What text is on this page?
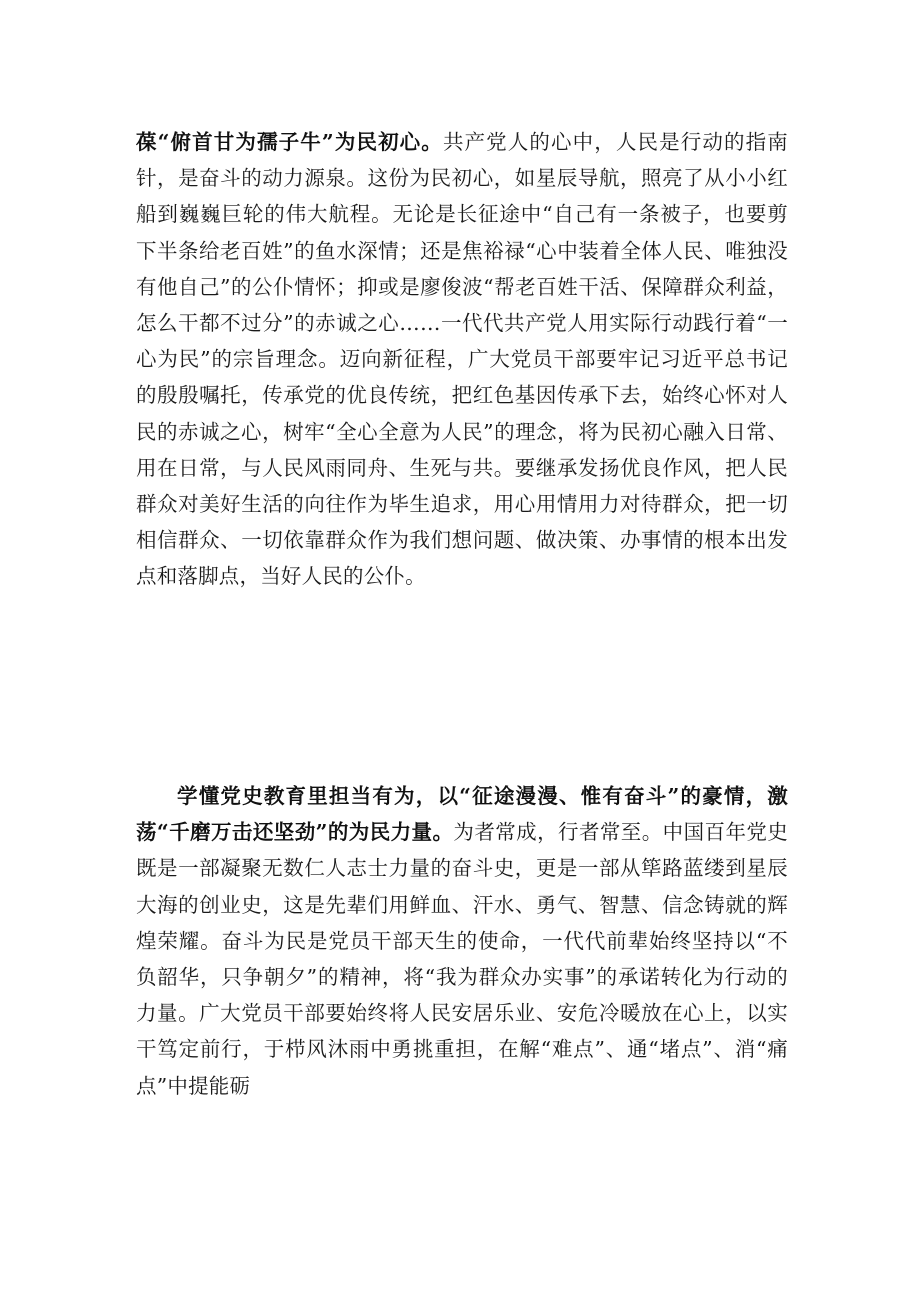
葆“俯首甘为孺子牛”为民初心。共产党人的心中，人民是行动的指南针，是奋斗的动力源泉。这份为民初心，如星辰导航，照亮了从小小红船到巍巍巨轮的伟大航程。无论是长征途中“自己有一条被子，也要剪下半条给老百姓”的鱼水深情；还是焦裕禄“心中装着全体人民、唯独没有他自己”的公仆情怀；抑或是廖俊波“帮老百姓干活、保障群众利益，怎么干都不过分”的赤诚之心……一代代共产党人用实际行动践行着“一心为民”的宗旨理念。迈向新征程，广大党员干部要牢记习近平总书记的殷殷嘱托，传承党的优良传统，把红色基因传承下去，始终心怀对人民的赤诚之心，树牢“全心全意为人民”的理念，将为民初心融入日常、用在日常，与人民风雨同舟、生死与共。要继承发扬优良作风，把人民群众对美好生活的向往作为毕生追求，用心用情用力对待群众，把一切相信群众、一切依靠群众作为我们想问题、做决策、办事情的根本出发点和落脚点，当好人民的公仆。

学懂党史教育里担当有为，以“征途漫漫、惟有奋斗”的豪情，激荡“千磨万击还坚劲”的为民力量。为者常成，行者常至。中国百年党史既是一部凝聚无数仁人志士力量的奋斗史，更是一部从筚路蓝缕到星辰大海的创业史，这是先辈们用鲜血、汗水、勇气、智慧、信念铸就的辉煌荣耀。奋斗为民是党员干部天生的使命，一代代前辈始终坚持以“不负韶华，只争朝夕”的精神，将“我为群众办实事”的承诺转化为行动的力量。广大党员干部要始终将人民安居乐业、安危冷暖放在心上，以实干笃定前行，于栉风沐雨中勇挑重担，在解“难点”、通“堵点”、消“痛点”中提能砺
